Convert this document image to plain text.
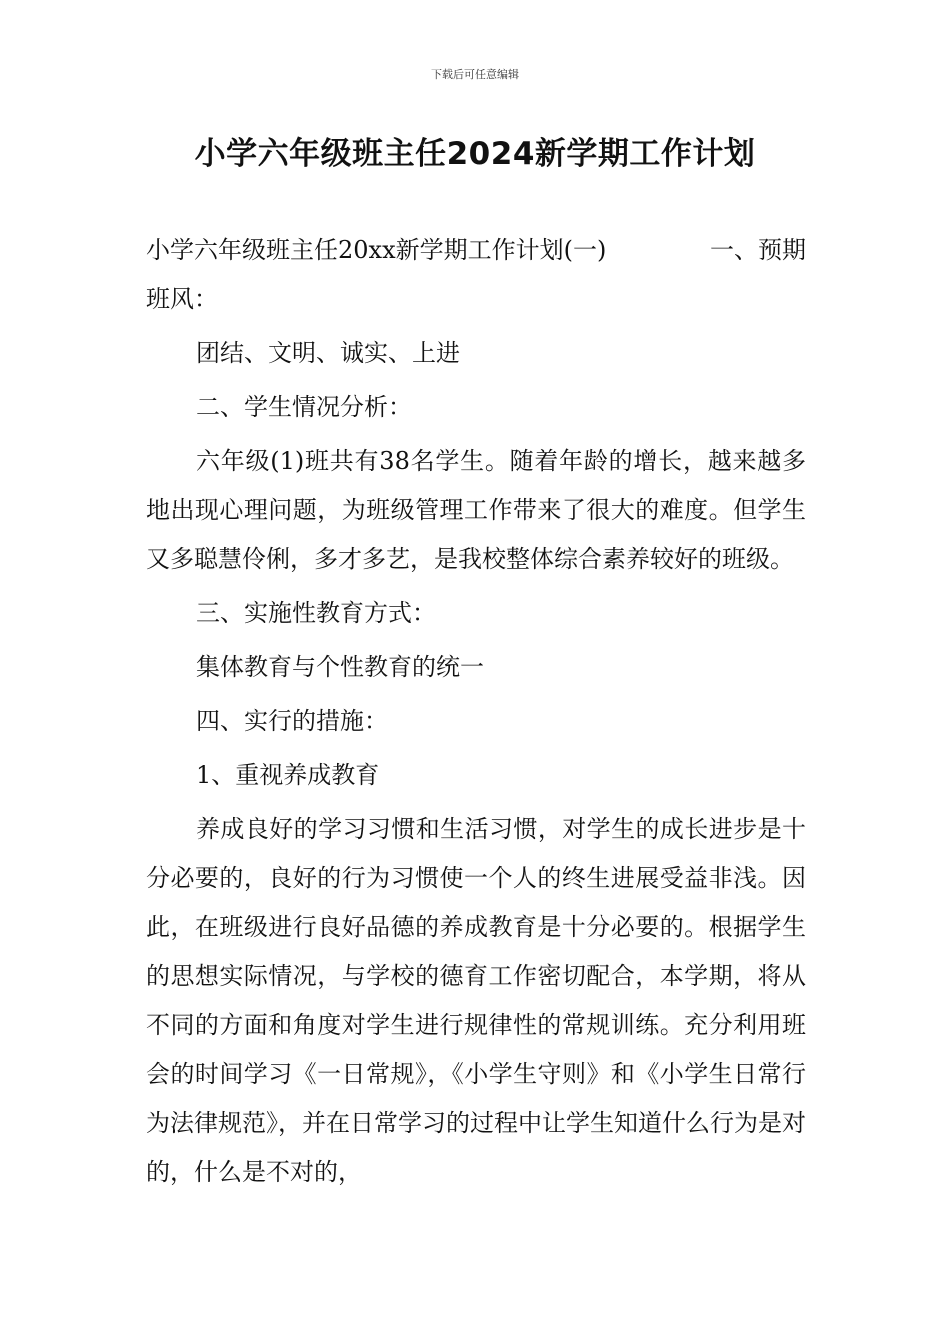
下载后可任意编辑
小学六年级班主任2024新学期工作计划

小学六年级班主任20xx新学期工作计划(一)	一、预期
班风：

团结、文明、诚实、上进

二、学生情况分析：

六年级(1)班共有38名学生。随着年龄的增长，越来越多地出现心理问题，为班级管理工作带来了很大的难度。但学生又多聪慧伶俐，多才多艺，是我校整体综合素养较好的班级。

三、实施性教育方式：

集体教育与个性教育的统一

四、实行的措施：

1、重视养成教育

养成良好的学习习惯和生活习惯，对学生的成长进步是十分必要的，良好的行为习惯使一个人的终生进展受益非浅。因此，在班级进行良好品德的养成教育是十分必要的。根据学生的思想实际情况，与学校的德育工作密切配合，本学期，将从不同的方面和角度对学生进行规律性的常规训练。充分利用班会的时间学习《一日常规》，《小学生守则》和《小学生日常行为法律规范》，并在日常学习的过程中让学生知道什么行为是对的，什么是不对的，
